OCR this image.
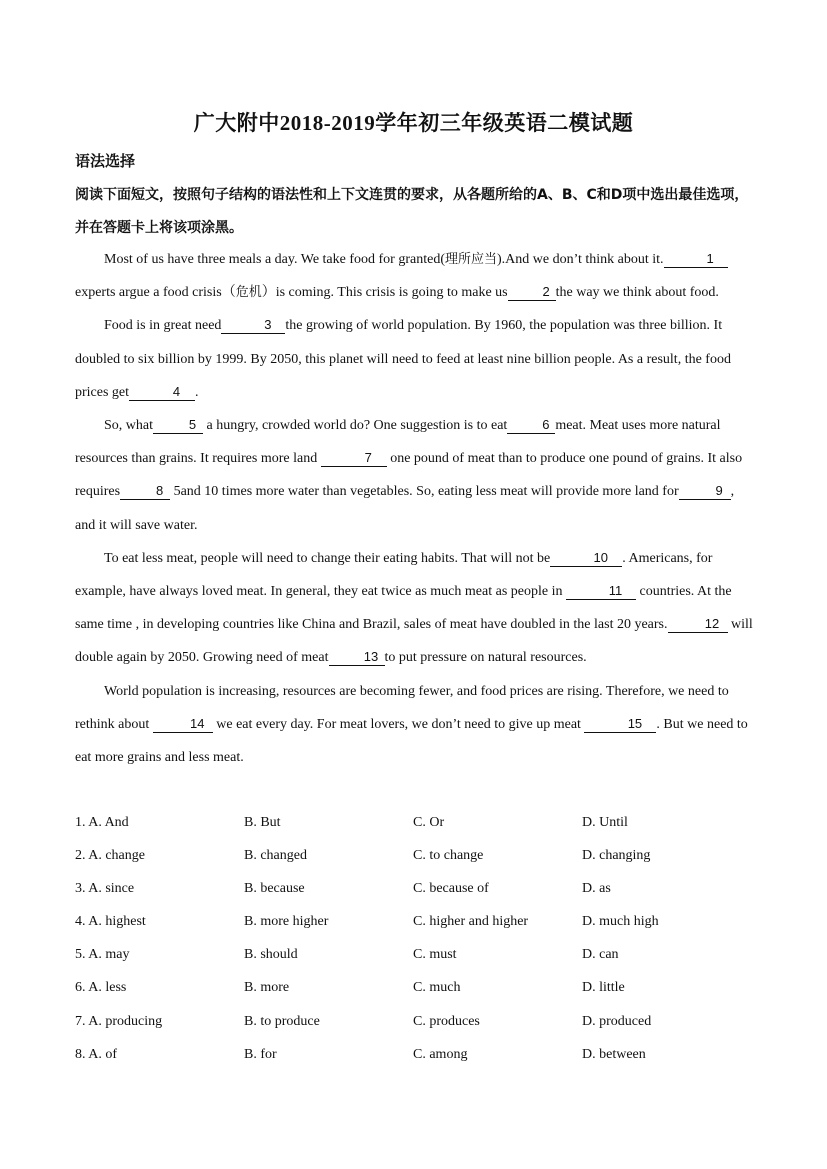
广大附中2018-2019学年初三年级英语二模试题
语法选择
阅读下面短文，按照句子结构的语法性和上下文连贯的要求，从各题所给的A、B、C和D项中选出最佳选项，并在答题卡上将该项涂黑。

Most of us have three meals a day. We take food for granted(理所应当).And we don’t think about it.	1 experts argue a food crisis（危机）is coming. This crisis is going to make us	2 the way we think about food.

Food is in great need	3 the growing of world population. By 1960, the population was three billion. It doubled to six billion by 1999. By 2050, this planet will need to feed at least nine billion people. As a result, the food prices get	4 .

So, what	5 a hungry, crowded world do? One suggestion is to eat	6 meat. Meat uses more natural resources than grains. It requires more land	7 one pound of meat than to produce one pound of grains. It also requires	8 5and 10 times more water than vegetables. So, eating less meat will provide more land for	9 , and it will save water.

To eat less meat, people will need to change their eating habits. That will not be	10 . Americans, for example, have always loved meat. In general, they eat twice as much meat as people in	11 countries. At the same time , in developing countries like China and Brazil, sales of meat have doubled in the last 20 years.	12 will double again by 2050. Growing need of meat	13 to put pressure on natural resources.

World population is increasing, resources are becoming fewer, and food prices are rising. Therefore, we need to rethink about	14 we eat every day. For meat lovers, we don’t need to give up meat	15 . But we need to eat more grains and less meat.

1. A. And	B. But	C. Or	D. Until
2. A. change	B. changed	C. to change	D. changing
3. A. since	B. because	C. because of	D. as
4. A. highest	B. more higher	C. higher and higher	D. much high
5. A. may	B. should	C. must	D. can
6. A. less	B. more	C. much	D. little
7. A. producing	B. to produce	C. produces	D. produced
8. A. of	B. for	C. among	D. between
